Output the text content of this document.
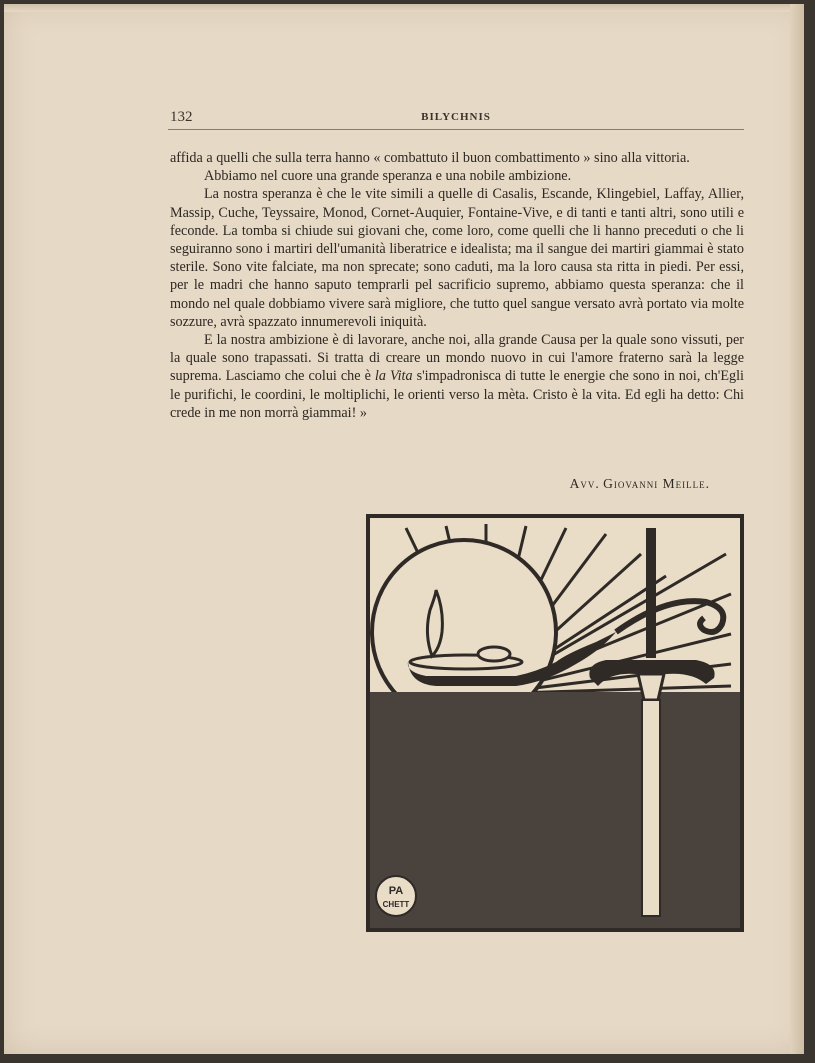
132	BILYCHNIS

affida a quelli che sulla terra hanno « combattuto il buon combattimento » sino alla vittoria.

Abbiamo nel cuore una grande speranza e una nobile ambizione.

La nostra speranza è che le vite simili a quelle di Casalis, Escande, Klingebiel, Laffay, Allier, Massip, Cuche, Teyssaire, Monod, Cornet-Auquier, Fontaine-Vive, e di tanti e tanti altri, sono utili e feconde. La tomba si chiude sui giovani che, come loro, come quelli che li hanno preceduti o che li seguiranno sono i martiri dell'umanità liberatrice e idealista; ma il sangue dei martiri giammai è stato sterile. Sono vite falciate, ma non sprecate; sono caduti, ma la loro causa sta ritta in piedi. Per essi, per le madri che hanno saputo temprarli pel sacrificio supremo, abbiamo questa speranza: che il mondo nel quale dobbiamo vivere sarà migliore, che tutto quel sangue versato avrà portato via molte sozzure, avrà spazzato innumerevoli iniquità.

E la nostra ambizione è di lavorare, anche noi, alla grande Causa per la quale sono vissuti, per la quale sono trapassati. Si tratta di creare un mondo nuovo in cui l'amore fraterno sarà la legge suprema. Lasciamo che colui che è la Vita s'impadronisca di tutte le energie che sono in noi, ch'Egli le purifichi, le coordini, le moltiplichi, le orienti verso la mèta. Cristo è la vita. Ed egli ha detto: Chi crede in me non morrà giammai! »

Avv. Giovanni Meille.
PA
CHETT
